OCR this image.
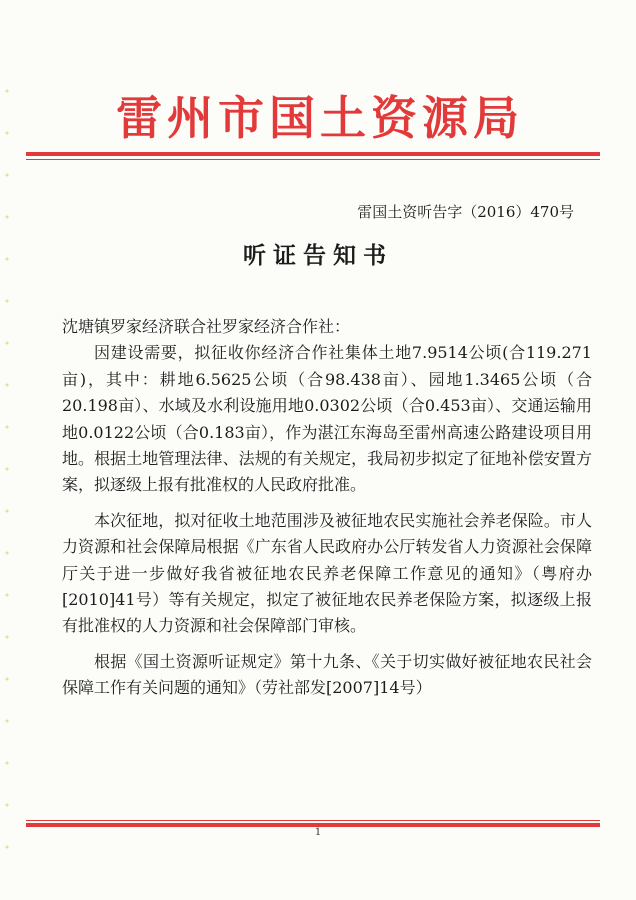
雷州市国土资源局
雷国土资听告字（2016）470号
听证告知书

沈塘镇罗家经济联合社罗家经济合作社：

因建设需要，拟征收你经济合作社集体土地7.9514公顷(合119.271亩)，其中：耕地6.5625公顷（合98.438亩）、园地1.3465公顷（合20.198亩）、水域及水利设施用地0.0302公顷（合0.453亩）、交通运输用地0.0122公顷（合0.183亩），作为湛江东海岛至雷州高速公路建设项目用地。根据土地管理法律、法规的有关规定，我局初步拟定了征地补偿安置方案，拟逐级上报有批准权的人民政府批准。

本次征地，拟对征收土地范围涉及被征地农民实施社会养老保险。市人力资源和社会保障局根据《广东省人民政府办公厅转发省人力资源社会保障厅关于进一步做好我省被征地农民养老保障工作意见的通知》（粤府办[2010]41号）等有关规定，拟定了被征地农民养老保险方案，拟逐级上报有批准权的人力资源和社会保障部门审核。

根据《国土资源听证规定》第十九条、《关于切实做好被征地农民社会保障工作有关问题的通知》（劳社部发[2007]14号）

1
